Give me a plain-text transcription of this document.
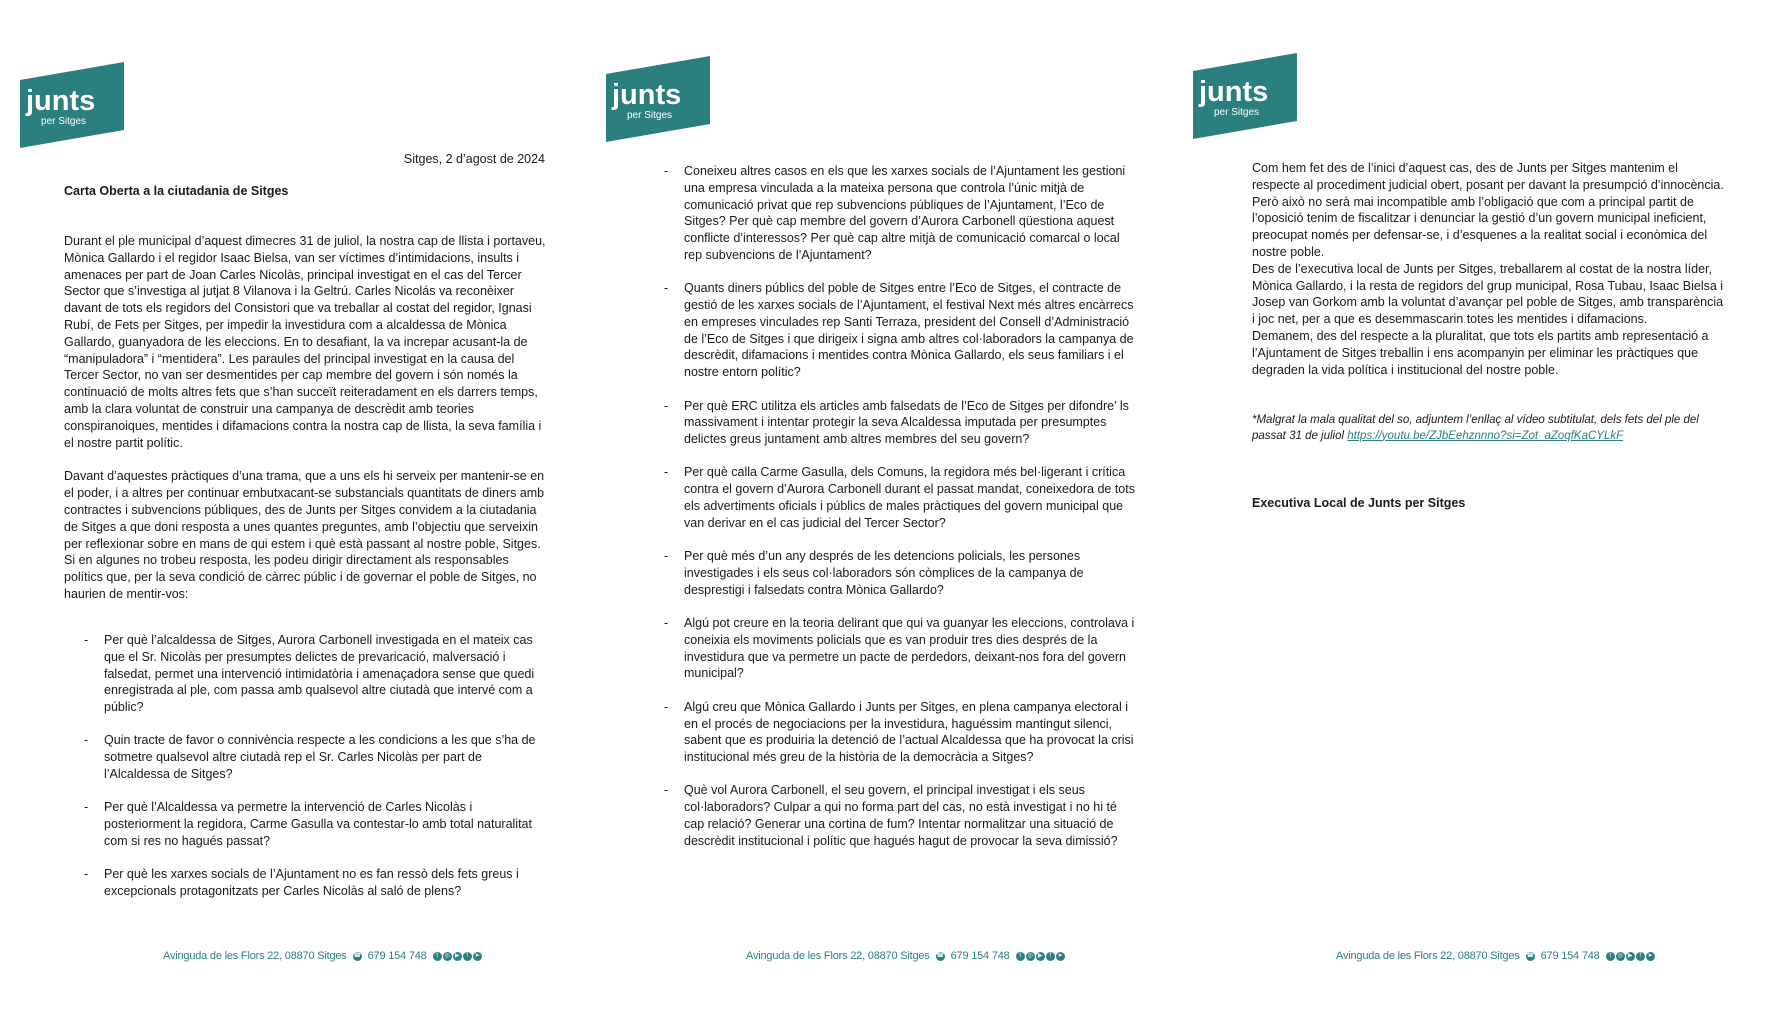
junts
per Sitges
Sitges, 2 d’agost de 2024
Carta Oberta a la ciutadania de Sitges

Durant el ple municipal d’aquest dimecres 31 de juliol, la nostra cap de llista i portaveu, Mònica Gallardo i el regidor Isaac Bielsa, van ser víctimes d’intimidacions, insults i amenaces per part de Joan Carles Nicolàs, principal investigat en el cas del Tercer Sector que s’investiga al jutjat 8 Vilanova i la Geltrú. Carles Nicolás va reconèixer davant de tots els regidors del Consistori que va treballar al costat del regidor, Ignasi Rubí, de Fets per Sitges, per impedir la investidura com a alcaldessa de Mònica Gallardo, guanyadora de les eleccions. En to desafiant, la va increpar acusant-la de “manipuladora” i “mentidera”. Les paraules del principal investigat en la causa del Tercer Sector, no van ser desmentides per cap membre del govern i són només la continuació de molts altres fets que s’han succeït reiteradament en els darrers temps, amb la clara voluntat de construir una campanya de descrèdit amb teories conspiranoiques, mentides i difamacions contra la nostra cap de llista, la seva família i el nostre partit polític.

Davant d’aquestes pràctiques d’una trama, que a uns els hi serveix per mantenir-se en el poder, i a altres per continuar embutxacant-se substancials quantitats de diners amb contractes i subvencions públiques, des de Junts per Sitges convidem a la ciutadania de Sitges a que doni resposta a unes quantes preguntes, amb l’objectiu que serveixin per reflexionar sobre en mans de qui estem i què està passant al nostre poble, Sitges. Si en algunes no trobeu resposta, les podeu dirigir directament als responsables polítics que, per la seva condició de càrrec públic i de governar el poble de Sitges, no haurien de mentir-vos:

- Per què l’alcaldessa de Sitges, Aurora Carbonell investigada en el mateix cas que el Sr. Nicolàs per presumptes delictes de prevaricació, malversació i falsedat, permet una intervenció intimidatòria i amenaçadora sense que quedi enregistrada al ple, com passa amb qualsevol altre ciutadà que intervé com a públic?
- Quin tracte de favor o connivència respecte a les condicions a les que s’ha de sotmetre qualsevol altre ciutadà rep el Sr. Carles Nicolàs per part de l’Alcaldessa de Sitges?
- Per què l’Alcaldessa va permetre la intervenció de Carles Nicolàs i posteriorment la regidora, Carme Gasulla va contestar-lo amb total naturalitat com si res no hagués passat?
- Per què les xarxes socials de l’Ajuntament no es fan ressò dels fets greus i excepcionals protagonitzats per Carles Nicolàs al saló de plens?
Avinguda de les Flors 22, 08870 Sitges ☎ 679 154 748	t	◎ ▶	f	➤
junts
per Sitges
- Coneixeu altres casos en els que les xarxes socials de l’Ajuntament les gestioni una empresa vinculada a la mateixa persona que controla l’únic mitjà de comunicació privat que rep subvencions públiques de l’Ajuntament, l’Eco de Sitges? Per què cap membre del govern d’Aurora Carbonell qüestiona aquest conflicte d’interessos? Per què cap altre mitjà de comunicació comarcal o local rep subvencions de l’Ajuntament?
- Quants diners públics del poble de Sitges entre l’Eco de Sitges, el contracte de gestió de les xarxes socials de l’Ajuntament, el festival Next més altres encàrrecs en empreses vinculades rep Santi Terraza, president del Consell d’Administració de l’Eco de Sitges i que dirigeix i signa amb altres col·laboradors la campanya de descrèdit, difamacions i mentides contra Mònica Gallardo, els seus familiars i el nostre entorn polític?
- Per què ERC utilitza els articles amb falsedats de l’Eco de Sitges per difondre’ ls massivament i intentar protegir la seva Alcaldessa imputada per presumptes delictes greus juntament amb altres membres del seu govern?
- Per què calla Carme Gasulla, dels Comuns, la regidora més bel·ligerant i crítica contra el govern d’Aurora Carbonell durant el passat mandat, coneixedora de tots els advertiments oficials i públics de males pràctiques del govern municipal que van derivar en el cas judicial del Tercer Sector?
- Per què més d’un any després de les detencions policials, les persones investigades i els seus col·laboradors són còmplices de la campanya de desprestigi i falsedats contra Mònica Gallardo?
- Algú pot creure en la teoria delirant que qui va guanyar les eleccions, controlava i coneixia els moviments policials que es van produir tres dies després de la investidura que va permetre un pacte de perdedors, deixant-nos fora del govern municipal?
- Algú creu que Mònica Gallardo i Junts per Sitges, en plena campanya electoral i en el procés de negociacions per la investidura, haguéssim mantingut silenci, sabent que es produiria la detenció de l’actual Alcaldessa que ha provocat la crisi institucional més greu de la història de la democràcia a Sitges?
- Què vol Aurora Carbonell, el seu govern, el principal investigat i els seus col·laboradors? Culpar a qui no forma part del cas, no està investigat i no hi té cap relació? Generar una cortina de fum? Intentar normalitzar una situació de descrèdit institucional i polític que hagués hagut de provocar la seva dimissió?
Avinguda de les Flors 22, 08870 Sitges ☎ 679 154 748	t	◎ ▶	f	➤
junts
per Sitges

Com hem fet des de l’inici d’aquest cas, des de Junts per Sitges mantenim el respecte al procediment judicial obert, posant per davant la presumpció d’innocència. Però això no serà mai incompatible amb l’obligació que com a principal partit de l’oposició tenim de fiscalitzar i denunciar la gestió d’un govern municipal ineficient, preocupat només per defensar-se, i d’esquenes a la realitat social i econòmica del nostre poble.

Des de l’executiva local de Junts per Sitges, treballarem al costat de la nostra líder, Mònica Gallardo, i la resta de regidors del grup municipal, Rosa Tubau, Isaac Bielsa i Josep van Gorkom amb la voluntat d’avançar pel poble de Sitges, amb transparència i joc net, per a que es desemmascarin totes les mentides i difamacions.

Demanem, des del respecte a la pluralitat, que tots els partits amb representació a l’Ajuntament de Sitges treballin i ens acompanyin per eliminar les pràctiques que degraden la vida política i institucional del nostre poble.

*Malgrat la mala qualitat del so, adjuntem l’enllaç al vídeo subtitulat, dels fets del ple del passat 31 de juliol https://youtu.be/ZJbEehznnno?si=Zot_aZoqfKaCYLkF
Executiva Local de Junts per Sitges
Avinguda de les Flors 22, 08870 Sitges ☎ 679 154 748	t	◎ ▶	f	➤
